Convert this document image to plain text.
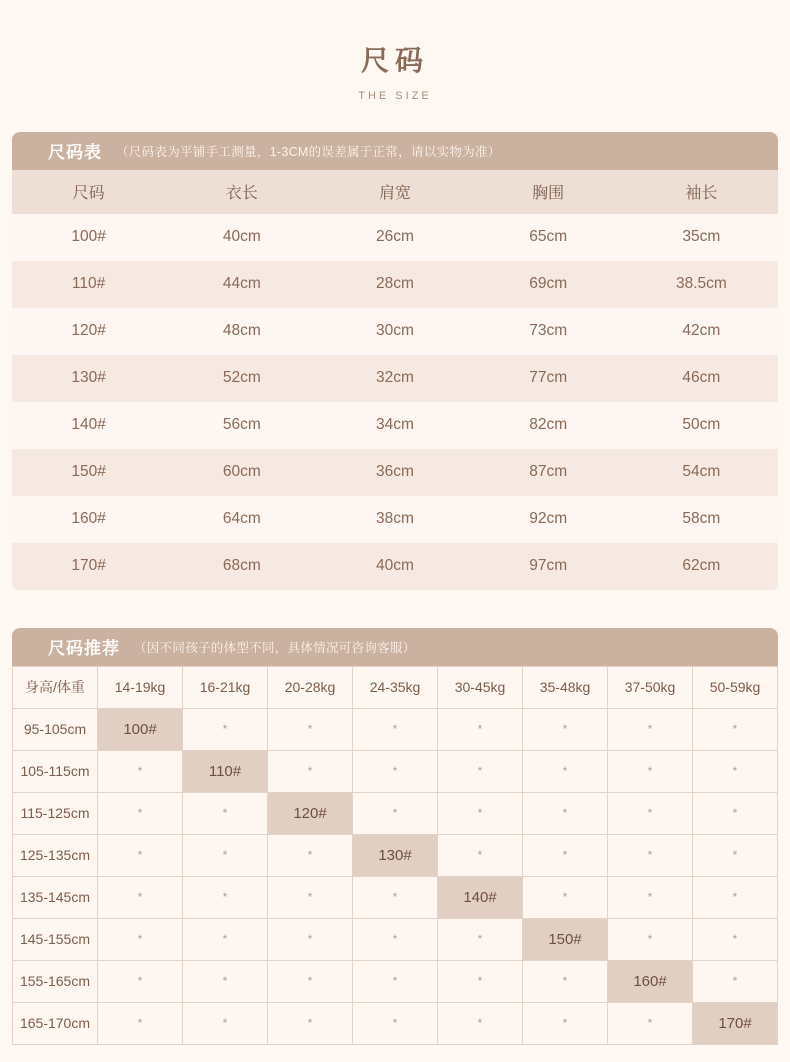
尺码
THE SIZE
尺码表 （尺码表为平铺手工测量，1-3CM的误差属于正常，请以实物为准）
尺码	衣长	肩宽	胸围	袖长
100#	40cm	26cm	65cm	35cm
110#	44cm	28cm	69cm	38.5cm
120#	48cm	30cm	73cm	42cm
130#	52cm	32cm	77cm	46cm
140#	56cm	34cm	82cm	50cm
150#	60cm	36cm	87cm	54cm
160#	64cm	38cm	92cm	58cm
170#	68cm	40cm	97cm	62cm
尺码推荐 （因不同孩子的体型不同，具体情况可咨询客服）
身高/体重	14-19kg	16-21kg	20-28kg	24-35kg	30-45kg	35-48kg	37-50kg	50-59kg
95-105cm	100#	*	*	*	*	*	*	*
105-115cm	*	110#	*	*	*	*	*	*
115-125cm	*	*	120#	*	*	*	*	*
125-135cm	*	*	*	130#	*	*	*	*
135-145cm	*	*	*	*	140#	*	*	*
145-155cm	*	*	*	*	*	150#	*	*
155-165cm	*	*	*	*	*	*	160#	*
165-170cm	*	*	*	*	*	*	*	170#
